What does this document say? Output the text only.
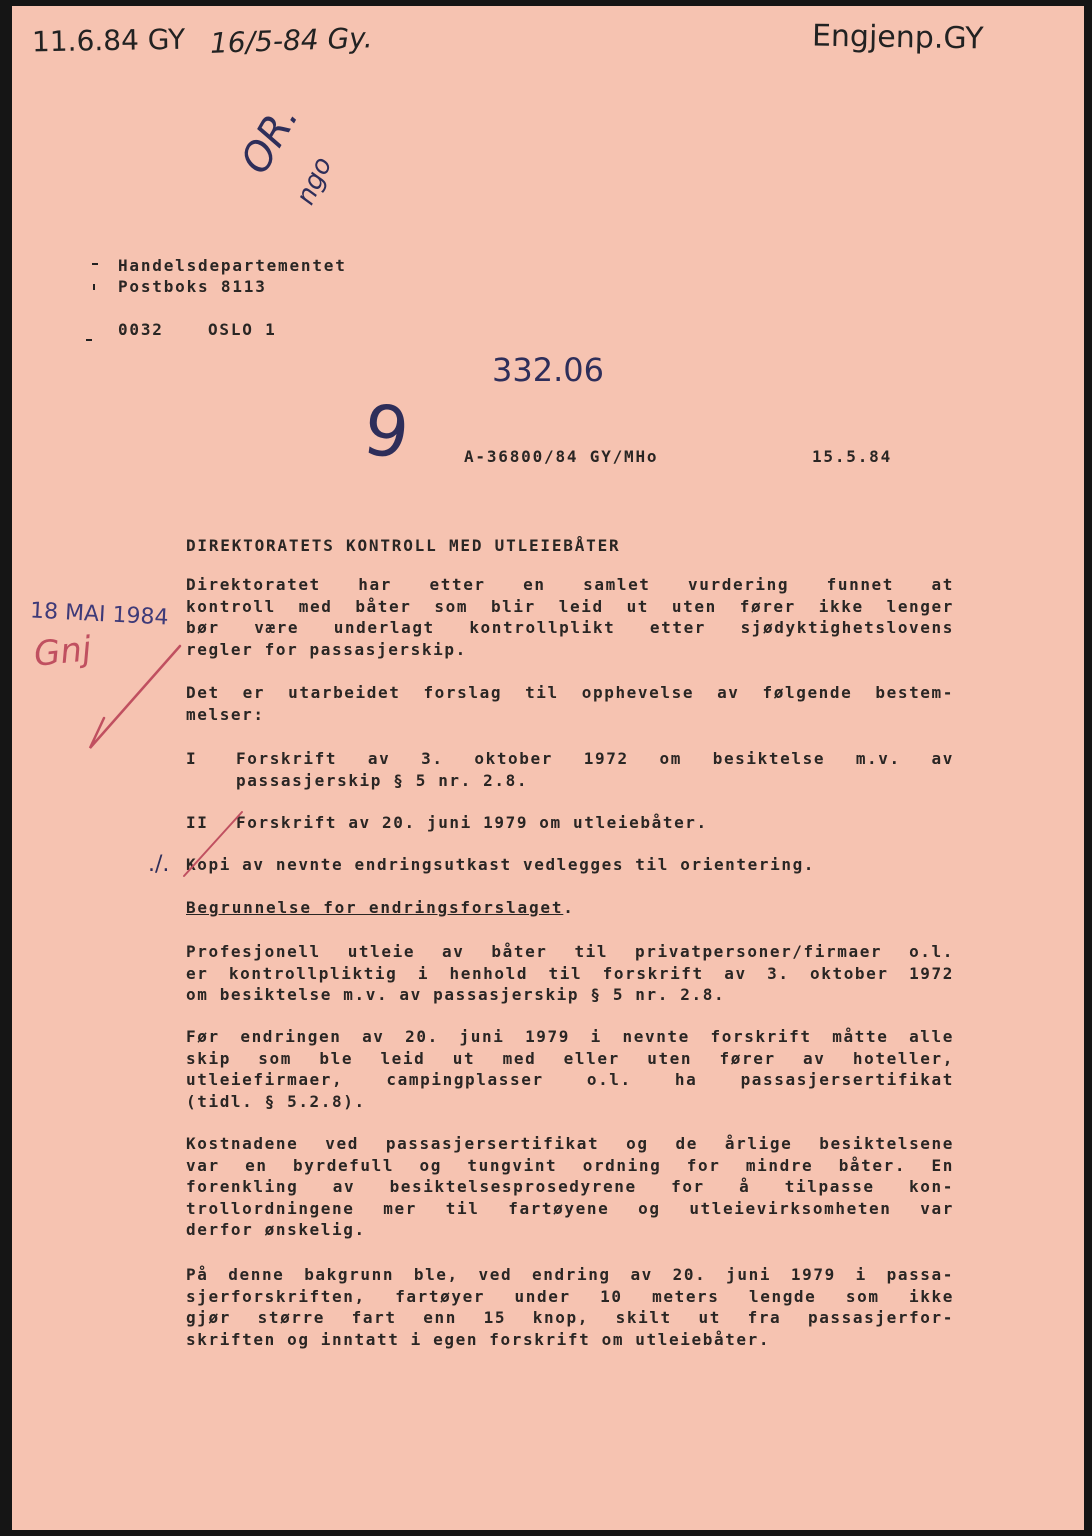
11.6.84 GY 16/5-84 Gy.	Engjenp.GY
OR.
ngo
332.06
9
Handelsdepartementet
Postboks 8113
0032	OSLO 1
A-36800/84 GY/MHo	15.5.84
18 MAI 1984
Gnj
DIREKTORATETS KONTROLL MED UTLEIEBÅTER
Direktoratet har etter en samlet vurdering funnet at
kontroll med båter som blir leid ut uten fører ikke lenger
bør være underlagt kontrollplikt etter sjødyktighetslovens
regler for passasjerskip.
Det er utarbeidet forslag til opphevelse av følgende bestem-
melser:
I Forskrift av 3. oktober 1972 om besiktelse m.v. av
passasjerskip § 5 nr. 2.8.
II Forskrift av 20. juni 1979 om utleiebåter.
./. Kopi av nevnte endringsutkast vedlegges til orientering.
Begrunnelse for endringsforslaget.
Profesjonell utleie av båter til privatpersoner/firmaer o.l.
er kontrollpliktig i henhold til forskrift av 3. oktober 1972
om besiktelse m.v. av passasjerskip § 5 nr. 2.8.
Før endringen av 20. juni 1979 i nevnte forskrift måtte alle
skip som ble leid ut med eller uten fører av hoteller,
utleiefirmaer, campingplasser o.l. ha passasjersertifikat
(tidl. § 5.2.8).
Kostnadene ved passasjersertifikat og de årlige besiktelsene
var en byrdefull og tungvint ordning for mindre båter. En
forenkling av besiktelsesprosedyrene for å tilpasse kon-
trollordningene mer til fartøyene og utleievirksomheten var
derfor ønskelig.
På denne bakgrunn ble, ved endring av 20. juni 1979 i passa-
sjerforskriften, fartøyer under 10 meters lengde som ikke
gjør større fart enn 15 knop, skilt ut fra passasjerfor-
skriften og inntatt i egen forskrift om utleiebåter.
